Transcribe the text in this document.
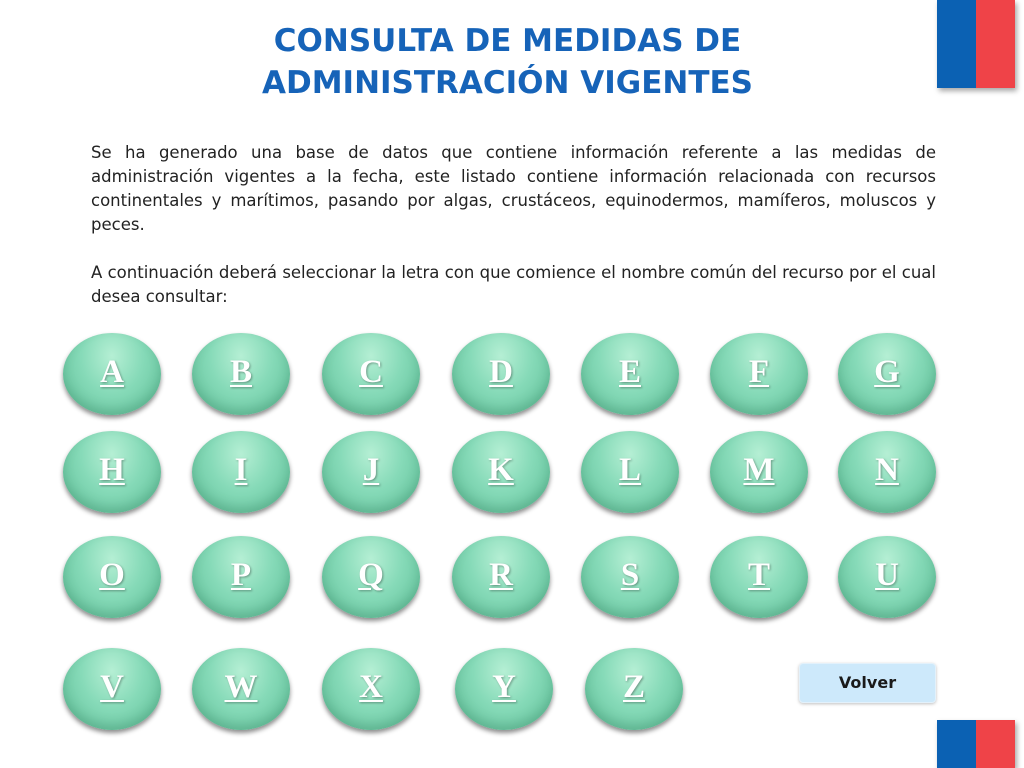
CONSULTA DE MEDIDAS DE
ADMINISTRACIÓN VIGENTES

Se ha generado una base de datos que contiene información referente a las medidas de administración vigentes a la fecha, este listado contiene información relacionada con recursos continentales y marítimos, pasando por algas, crustáceos, equinodermos, mamíferos, moluscos y peces.

A continuación deberá seleccionar la letra con que comience el nombre común del recurso por el cual desea consultar:

A	B	C	D	E	F	G
H	I	J	K	L	M	N
O	P	Q	R	S	T	U
V	W	X	Y	Z	Volver
